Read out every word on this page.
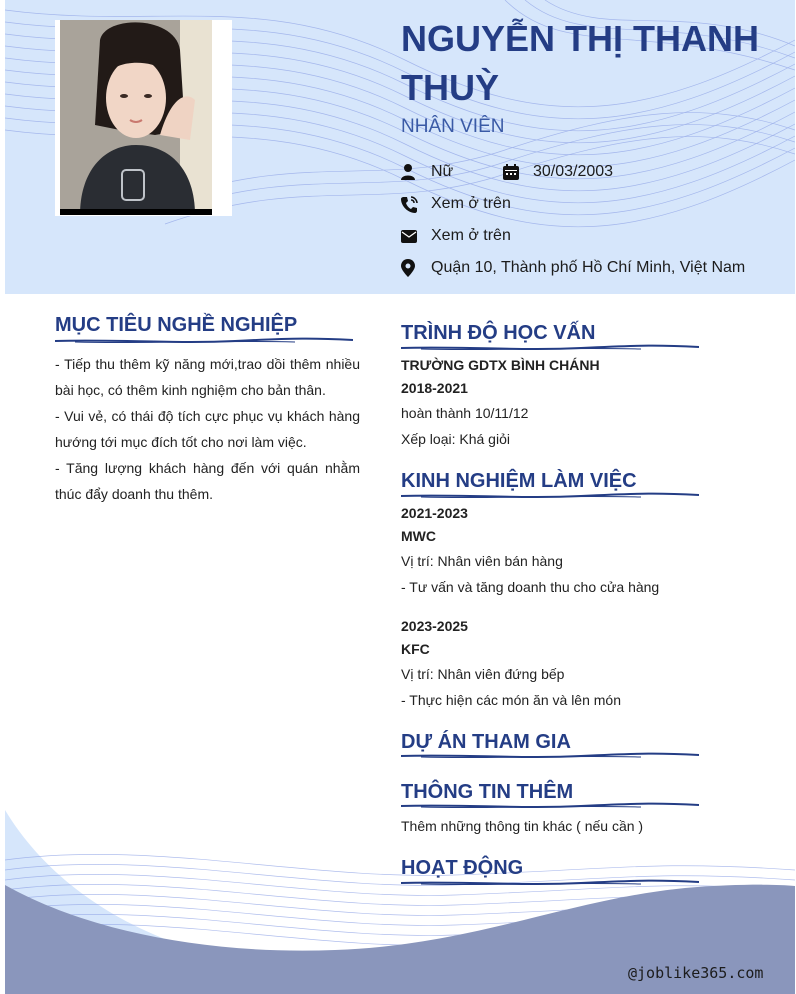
NGUYỄN THỊ THANH THUỲ
NHÂN VIÊN
Nữ	30/03/2003
Xem ở trên
Xem ở trên
Quận 10, Thành phố Hồ Chí Minh, Việt Nam
MỤC TIÊU NGHỀ NGHIỆP
- Tiếp thu thêm kỹ năng mới,trao dồi thêm nhiều bài học, có thêm kinh nghiệm cho bản thân.
- Vui vẻ, có thái độ tích cực phục vụ khách hàng hướng tới mục đích tốt cho nơi làm việc.
- Tăng lượng khách hàng đến với quán nhằm thúc đẩy doanh thu thêm.
TRÌNH ĐỘ HỌC VẤN
TRƯỜNG GDTX BÌNH CHÁNH
2018-2021
hoàn thành 10/11/12
Xếp loại: Khá giỏi
KINH NGHIỆM LÀM VIỆC
2021-2023
MWC
Vị trí: Nhân viên bán hàng
- Tư vấn và tăng doanh thu cho cửa hàng
2023-2025
KFC
Vị trí: Nhân viên đứng bếp
- Thực hiện các món ăn và lên món
DỰ ÁN THAM GIA
THÔNG TIN THÊM
Thêm những thông tin khác ( nếu cần )
HOẠT ĐỘNG
@joblike365.com
